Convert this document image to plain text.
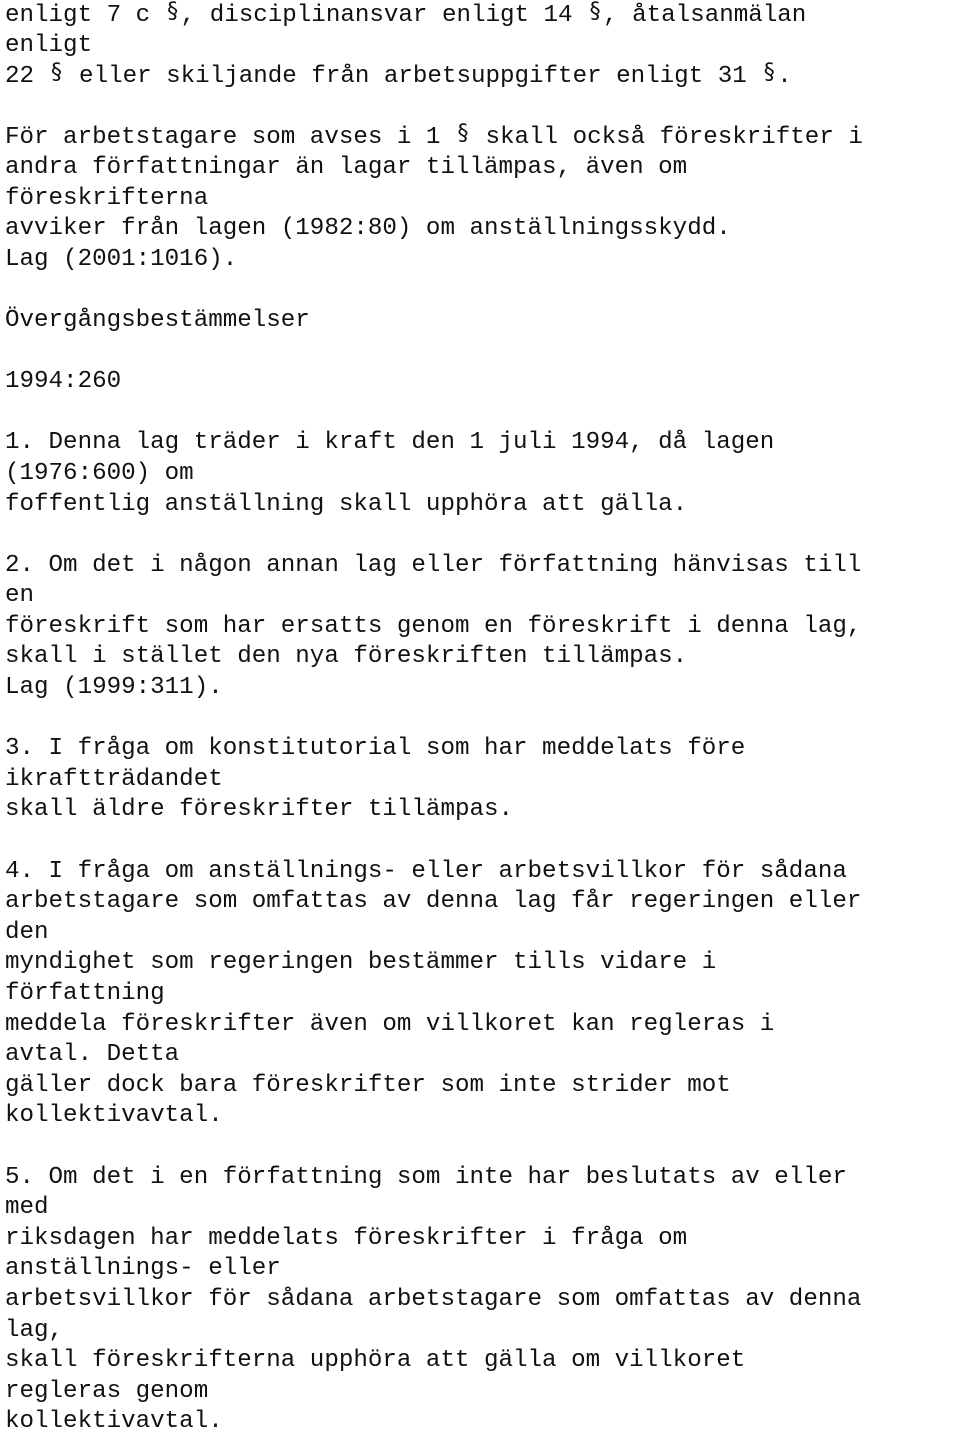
enligt 7 c § , disciplinansvar enligt 14 § , åtalsanmälan
enligt
22 § eller skiljande från arbetsuppgifter enligt 31 § .
För arbetstagare som avses i 1 § skall också föreskrifter i
andra författningar än lagar tillämpas, även om
föreskrifterna
avviker från lagen (1982:80) om anställningsskydd.
Lag (2001:1016).
Övergångsbestämmelser
1994:260
1. Denna lag träder i kraft den 1 juli 1994, då lagen
(1976:600) om
foffentlig anställning skall upphöra att gälla.
2. Om det i någon annan lag eller författning hänvisas till
en
föreskrift som har ersatts genom en föreskrift i denna lag,
skall i stället den nya föreskriften tillämpas.
Lag (1999:311).
3. I fråga om konstitutorial som har meddelats före
ikraftträdandet
skall äldre föreskrifter tillämpas.
4. I fråga om anställnings- eller arbetsvillkor för sådana
arbetstagare som omfattas av denna lag får regeringen eller
den
myndighet som regeringen bestämmer tills vidare i
författning
meddela föreskrifter även om villkoret kan regleras i
avtal. Detta
gäller dock bara föreskrifter som inte strider mot
kollektivavtal.
5. Om det i en författning som inte har beslutats av eller
med
riksdagen har meddelats föreskrifter i fråga om
anställnings- eller
arbetsvillkor för sådana arbetstagare som omfattas av denna
lag,
skall föreskrifterna upphöra att gälla om villkoret
regleras genom
kollektivavtal.
